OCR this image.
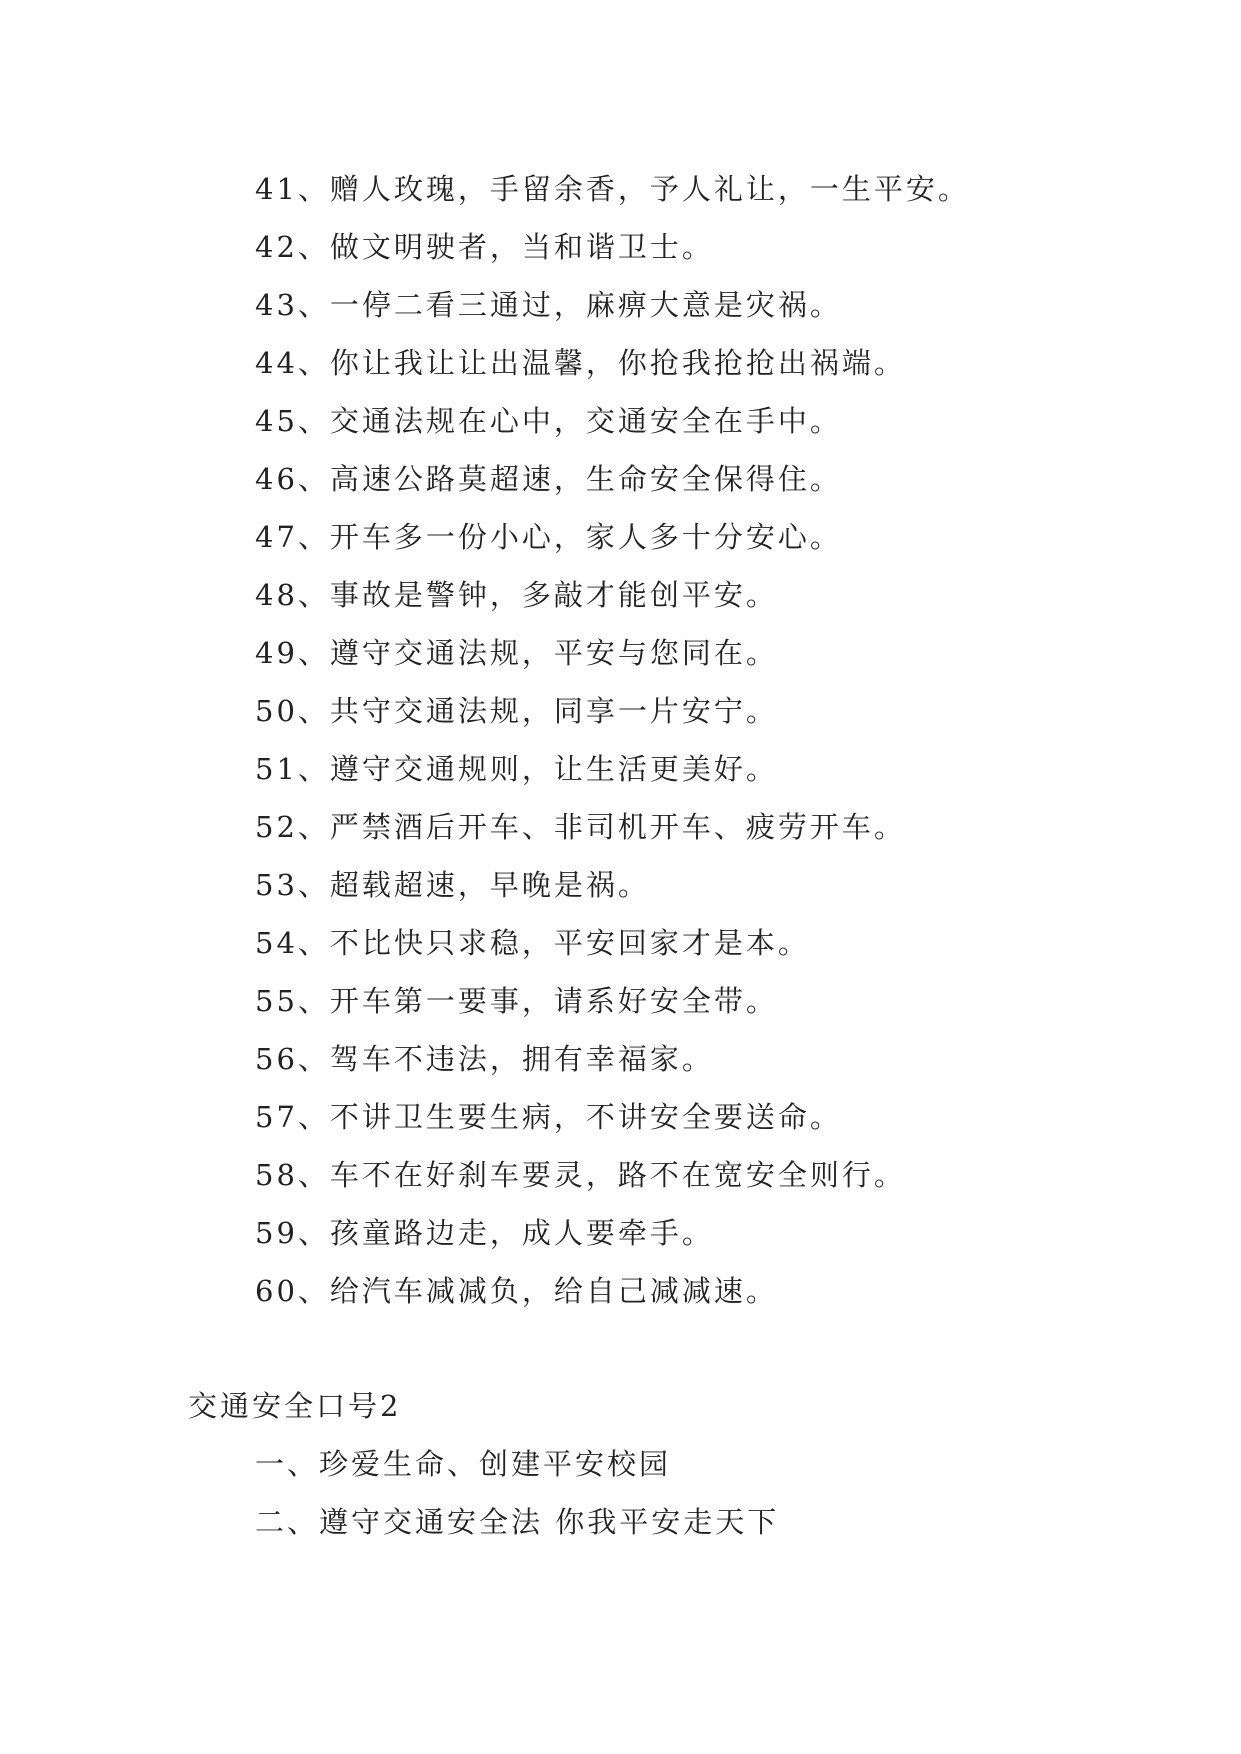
41、赠人玫瑰，手留余香，予人礼让，一生平安。
42、做文明驶者，当和谐卫士。
43、一停二看三通过，麻痹大意是灾祸。
44、你让我让让出温馨，你抢我抢抢出祸端。
45、交通法规在心中，交通安全在手中。
46、高速公路莫超速，生命安全保得住。
47、开车多一份小心，家人多十分安心。
48、事故是警钟，多敲才能创平安。
49、遵守交通法规，平安与您同在。
50、共守交通法规，同享一片安宁。
51、遵守交通规则，让生活更美好。
52、严禁酒后开车、非司机开车、疲劳开车。
53、超载超速，早晚是祸。
54、不比快只求稳，平安回家才是本。
55、开车第一要事，请系好安全带。
56、驾车不违法，拥有幸福家。
57、不讲卫生要生病，不讲安全要送命。
58、车不在好刹车要灵，路不在宽安全则行。
59、孩童路边走，成人要牵手。
60、给汽车减减负，给自己减减速。
交通安全口号2
一、珍爱生命、创建平安校园
二、遵守交通安全法 你我平安走天下
